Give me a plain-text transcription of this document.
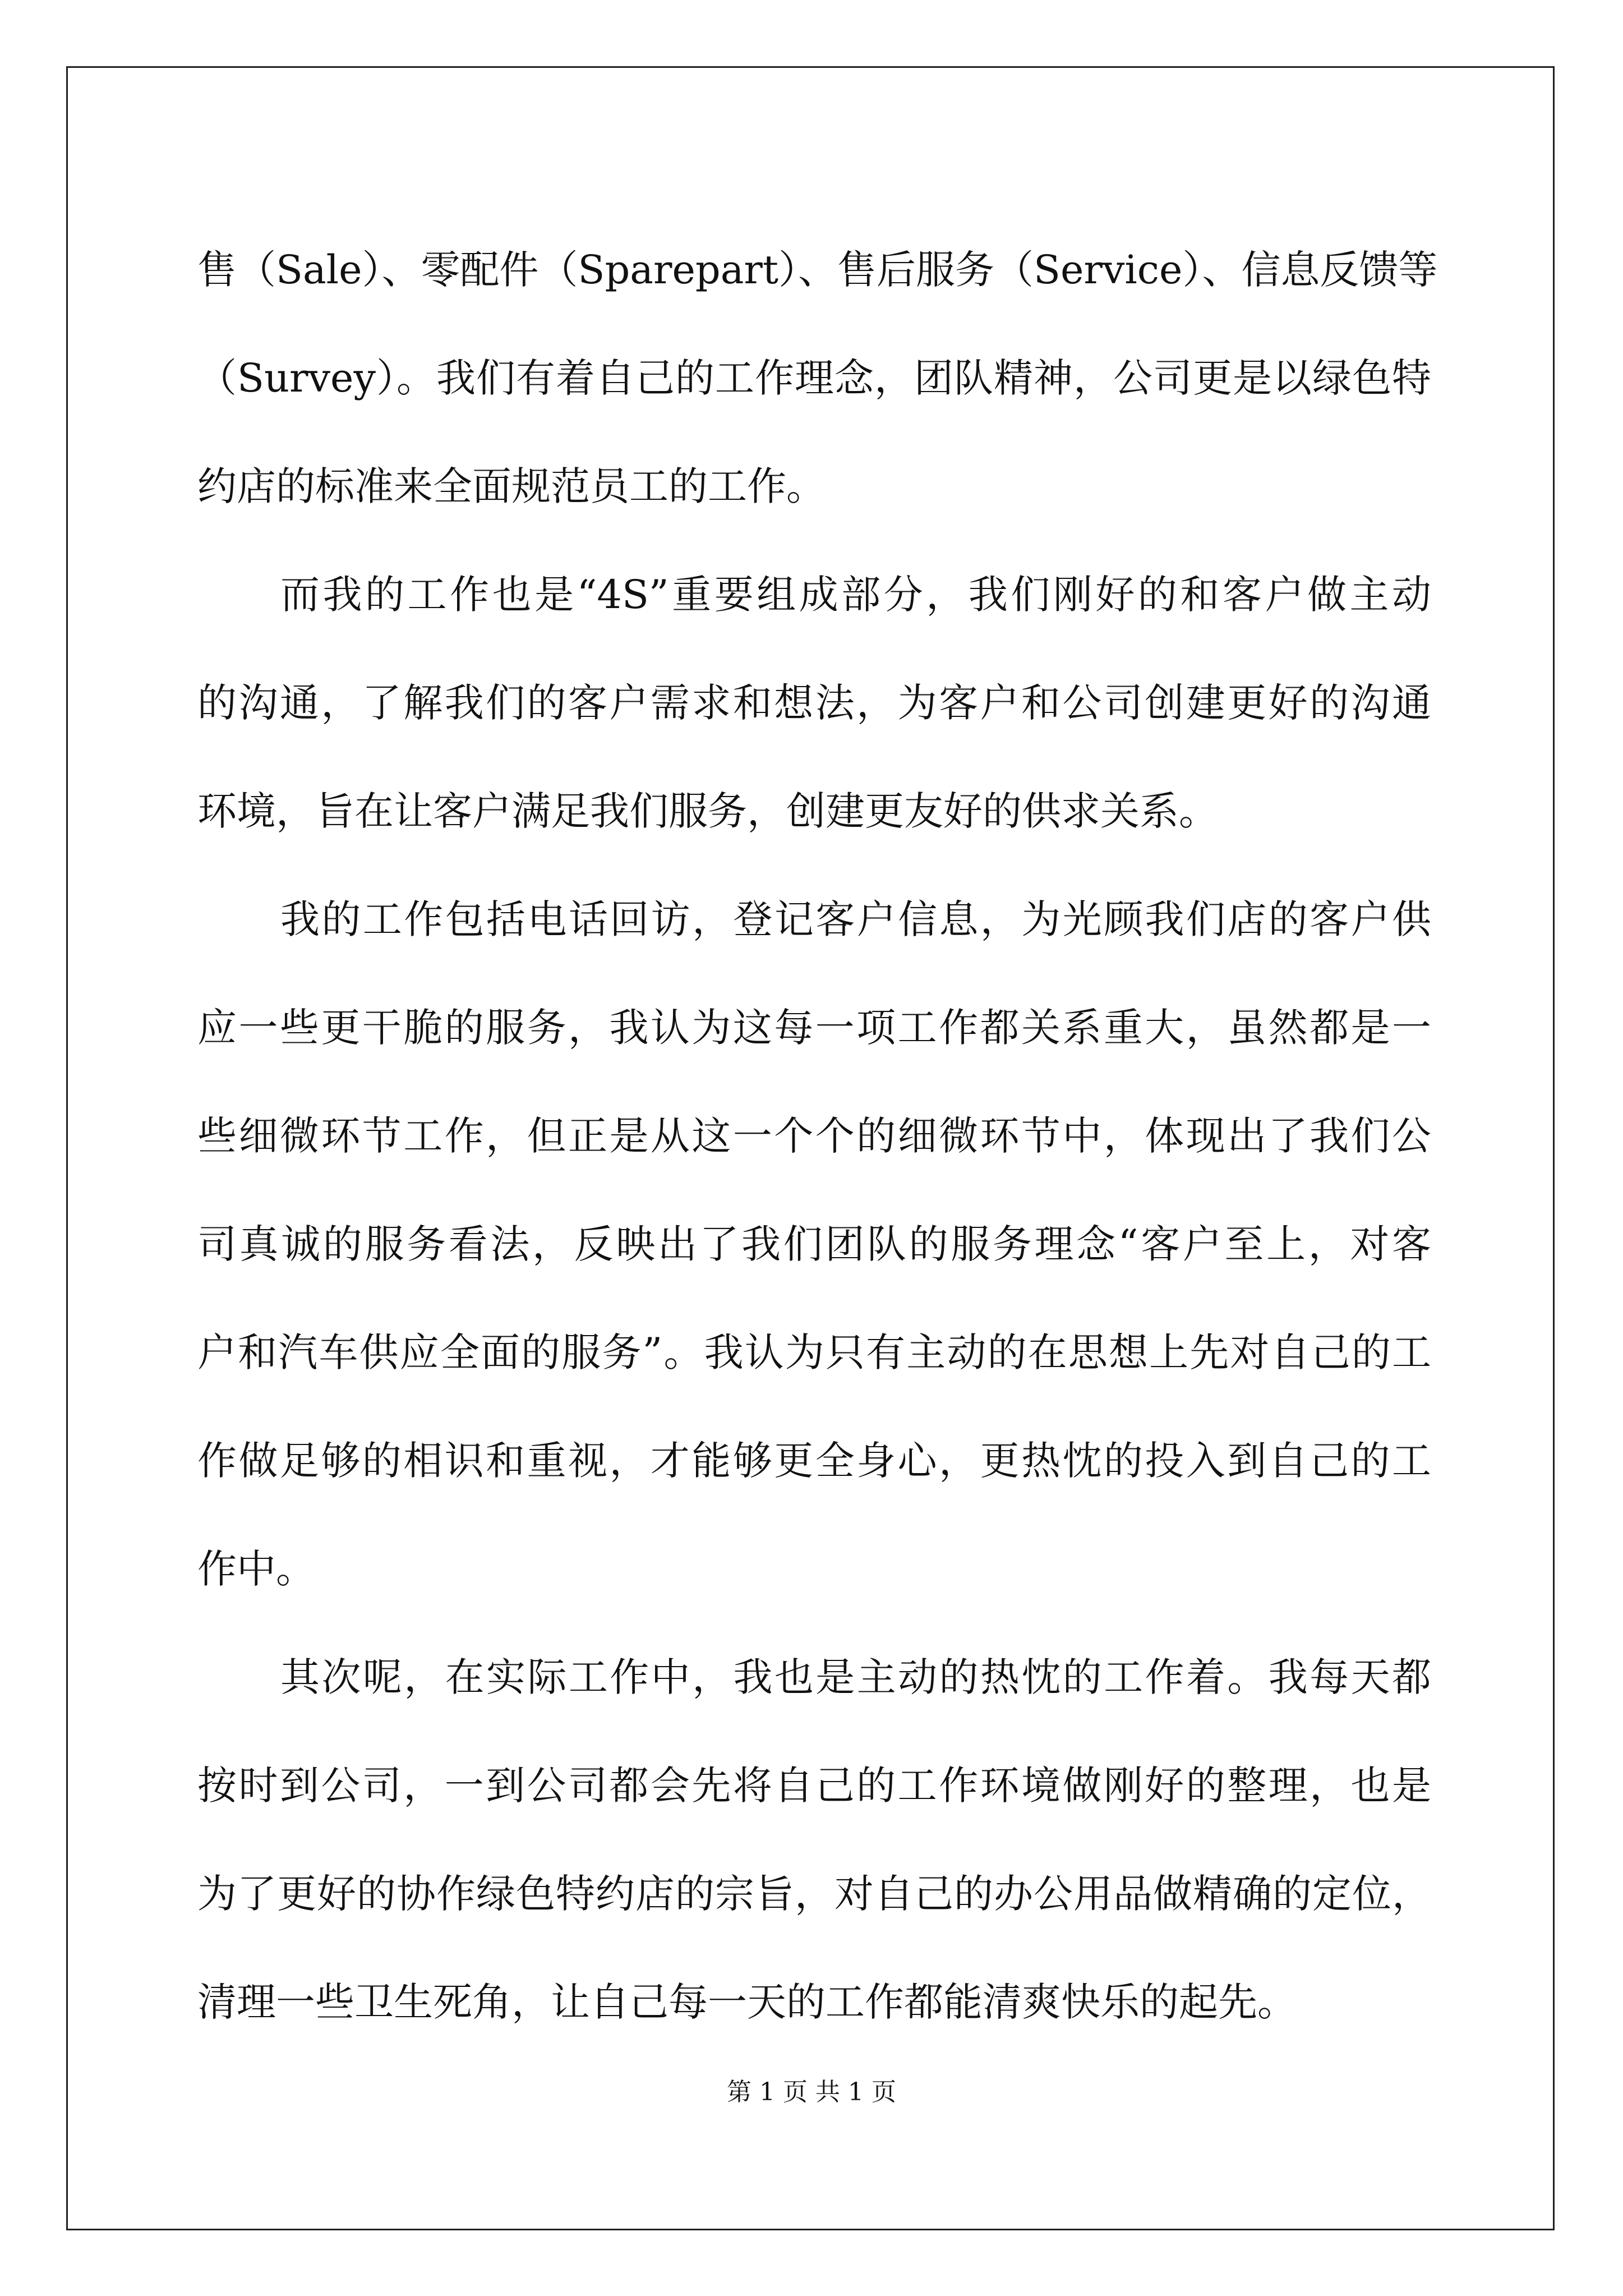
售（Sale）、零配件（Sparepart）、售后服务（Service）、信息反馈等
（Survey）。我们有着自己的工作理念，团队精神，公司更是以绿色特
约店的标准来全面规范员工的工作。
而我的工作也是“4S”重要组成部分，我们刚好的和客户做主动
的沟通，了解我们的客户需求和想法，为客户和公司创建更好的沟通
环境，旨在让客户满足我们服务，创建更友好的供求关系。
我的工作包括电话回访，登记客户信息，为光顾我们店的客户供
应一些更干脆的服务，我认为这每一项工作都关系重大，虽然都是一
些细微环节工作，但正是从这一个个的细微环节中，体现出了我们公
司真诚的服务看法，反映出了我们团队的服务理念“客户至上，对客
户和汽车供应全面的服务”。我认为只有主动的在思想上先对自己的工
作做足够的相识和重视，才能够更全身心，更热忱的投入到自己的工
作中。
其次呢，在实际工作中，我也是主动的热忱的工作着。我每天都
按时到公司，一到公司都会先将自己的工作环境做刚好的整理，也是
为了更好的协作绿色特约店的宗旨，对自己的办公用品做精确的定位，
清理一些卫生死角，让自己每一天的工作都能清爽快乐的起先。
第 1 页 共 1 页
